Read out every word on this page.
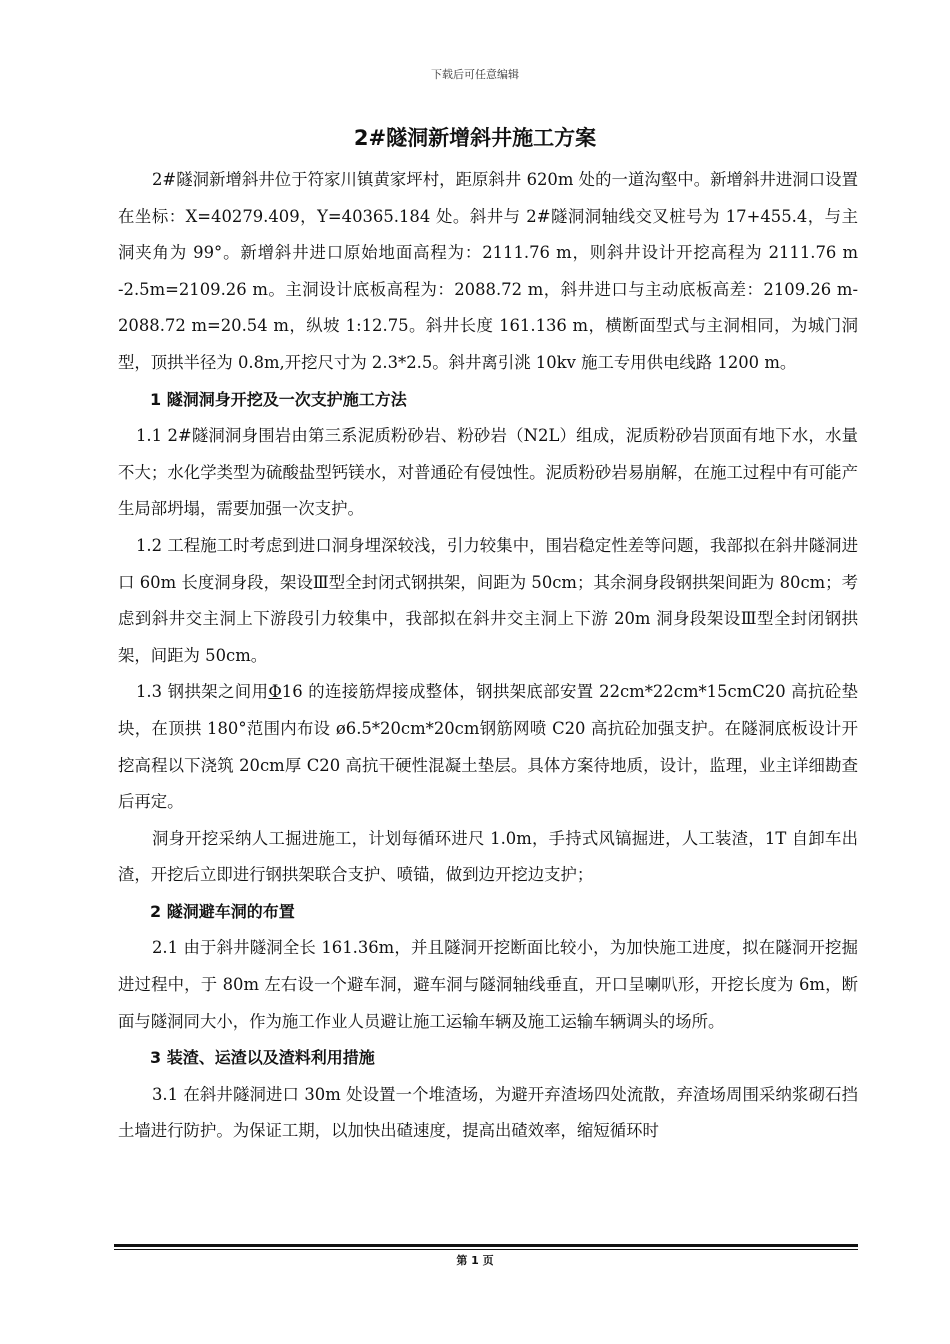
下载后可任意编辑
2#隧洞新增斜井施工方案

2#隧洞新增斜井位于符家川镇黄家坪村，距原斜井 620m 处的一道沟壑中。新增斜井进洞口设置在坐标：X=40279.409，Y=40365.184 处。斜井与 2#隧洞洞轴线交叉桩号为 17+455.4，与主洞夹角为 99°。新增斜井进口原始地面高程为：2111.76 m，则斜井设计开挖高程为 2111.76 m -2.5m=2109.26 m。主洞设计底板高程为：2088.72 m，斜井进口与主动底板高差：2109.26 m-2088.72 m=20.54 m，纵坡 1:12.75。斜井长度 161.136 m，横断面型式与主洞相同，为城门洞型，顶拱半径为 0.8m,开挖尺寸为 2.3*2.5。斜井离引洮 10kv 施工专用供电线路 1200 m。

1 隧洞洞身开挖及一次支护施工方法

1.1 2#隧洞洞身围岩由第三系泥质粉砂岩、粉砂岩（N2L）组成，泥质粉砂岩顶面有地下水，水量不大；水化学类型为硫酸盐型钙镁水，对普通砼有侵蚀性。泥质粉砂岩易崩解，在施工过程中有可能产生局部坍塌，需要加强一次支护。

1.2 工程施工时考虑到进口洞身埋深较浅，引力较集中，围岩稳定性差等问题，我部拟在斜井隧洞进口 60m 长度洞身段，架设Ⅲ型全封闭式钢拱架，间距为 50cm；其余洞身段钢拱架间距为 80cm；考虑到斜井交主洞上下游段引力较集中，我部拟在斜井交主洞上下游 20m 洞身段架设Ⅲ型全封闭钢拱架，间距为 50cm。

1.3 钢拱架之间用Φ16 的连接筋焊接成整体，钢拱架底部安置 22cm*22cm*15cmC20 高抗砼垫块，在顶拱 180°范围内布设 ø6.5*20cm*20cm钢筋网喷 C20 高抗砼加强支护。在隧洞底板设计开挖高程以下浇筑 20cm厚 C20 高抗干硬性混凝土垫层。具体方案待地质，设计，监理，业主详细勘查后再定。

洞身开挖采纳人工掘进施工，计划每循环进尺 1.0m，手持式风镐掘进，人工装渣，1T 自卸车出渣，开挖后立即进行钢拱架联合支护、喷锚，做到边开挖边支护；

2 隧洞避车洞的布置

2.1 由于斜井隧洞全长 161.36m，并且隧洞开挖断面比较小，为加快施工进度，拟在隧洞开挖掘进过程中，于 80m 左右设一个避车洞，避车洞与隧洞轴线垂直，开口呈喇叭形，开挖长度为 6m，断面与隧洞同大小，作为施工作业人员避让施工运输车辆及施工运输车辆调头的场所。

3 装渣、运渣以及渣料利用措施

3.1 在斜井隧洞进口 30m 处设置一个堆渣场，为避开弃渣场四处流散，弃渣场周围采纳浆砌石挡土墙进行防护。为保证工期，以加快出碴速度，提高出碴效率，缩短循环时

第 1 页
